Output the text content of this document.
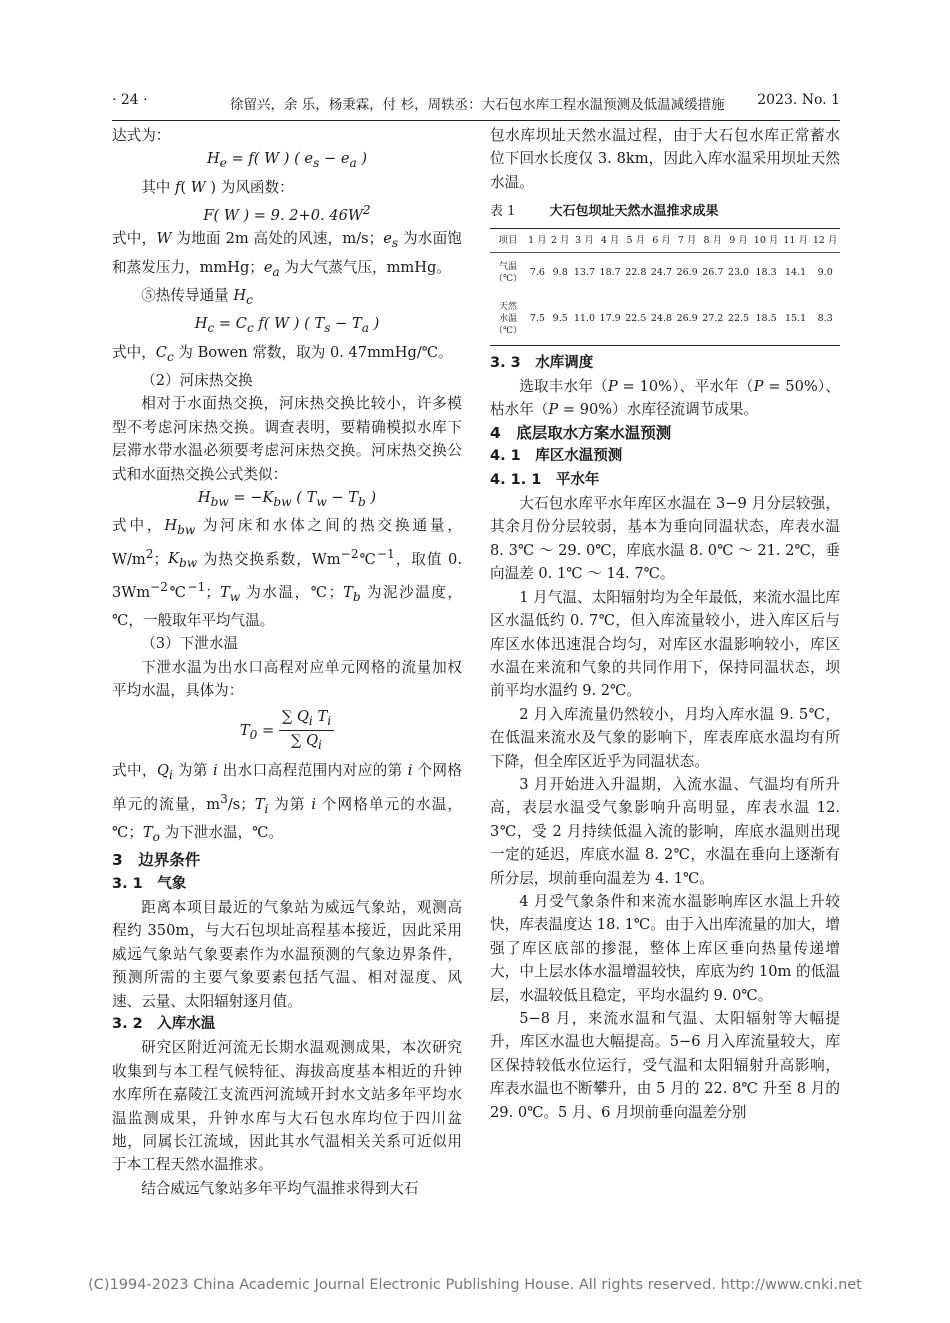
· 24 ·	徐留兴，余 乐，杨秉霖，付 杉，周轶丞：大石包水库工程水温预测及低温减缓措施 2023. No. 1

达式为：

$H_e = f$( W ) ( $e_s - e_a$ )

其中 f( W ) 为风函数：

F( W ) = 9. 2+0. $46W^2$

式中，W 为地面 2m 高处的风速，m/s；$e_s$ 为水面饱和蒸发压力，mmHg；$e_a$ 为大气蒸气压，mmHg。

⑤热传导通量 $H_c$

$H_c = C_c$ f( W ) ( $T_s - T_a$ )

式中，$C_c$ 为 Bowen 常数，取为 0. 47mmHg/℃。

（2）河床热交换

相对于水面热交换，河床热交换比较小，许多模型不考虑河床热交换。调查表明，要精确模拟水库下层滞水带水温必须要考虑河床热交换。河床热交换公式和水面热交换公式类似：

$H_{bw} = -K_{bw}$ ( $T_w - T_b$ )

式中，$H_{bw}$ 为河床和水体之间的热交换通量，$W/m^2$；$K_{bw}$ 为热交换系数，$Wm^{-2}℃^{-1}$，取值 0. $3Wm^{-2}℃^{-1}$；$T_w$ 为水温，℃；$T_b$ 为泥沙温度，℃，一般取年平均气温。

（3）下泄水温

下泄水温为出水口高程对应单元网格的流量加权平均水温，具体为：

$T_0 = \frac{\sum Q_i T_i}{\sum Q_i}$

式中，$Q_i$ 为第 i 出水口高程范围内对应的第 i 个网格单元的流量，$m^3/s$；$T_i$ 为第 i 个网格单元的水温，℃；$T_o$ 为下泄水温，℃。

3　边界条件

3. 1　气象

距离本项目最近的气象站为威远气象站，观测高程约 350m，与大石包坝址高程基本接近，因此采用威远气象站气象要素作为水温预测的气象边界条件，预测所需的主要气象要素包括气温、相对湿度、风速、云量、太阳辐射逐月值。

3. 2　入库水温

研究区附近河流无长期水温观测成果，本次研究收集到与本工程气候特征、海拔高度基本相近的升钟水库所在嘉陵江支流西河流域开封水文站多年平均水温监测成果，升钟水库与大石包水库均位于四川盆地，同属长江流域，因此其水气温相关关系可近似用于本工程天然水温推求。

结合威远气象站多年平均气温推求得到大石

包水库坝址天然水温过程，由于大石包水库正常蓄水位下回水长度仅 3. 8km，因此入库水温采用坝址天然水温。

表 1	大石包坝址天然水温推求成果
项目	1 月	2 月	3 月	4 月	5 月	6 月	7 月	8 月	9 月	10 月	11 月	12 月
气温
（℃）	7.6	9.8	13.7	18.7	22.8	24.7	26.9	26.7	23.0	18.3	14.1	9.0
天然
水温
（℃）	7.5	9.5	11.0	17.9	22.5	24.8	26.9	27.2	22.5	18.5	15.1	8.3

3. 3　水库调度

选取丰水年（P = 10%）、平水年（P = 50%）、枯水年（P = 90%）水库径流调节成果。

4　底层取水方案水温预测

4. 1　库区水温预测

4. 1. 1　平水年

大石包水库平水年库区水温在 3−9 月分层较强，其余月份分层较弱，基本为垂向同温状态，库表水温 8. 3℃ ～ 29. 0℃，库底水温 8. 0℃ ～ 21. 2℃，垂向温差 0. 1℃ ～ 14. 7℃。

1 月气温、太阳辐射均为全年最低，来流水温比库区水温低约 0. 7℃，但入库流量较小，进入库区后与库区水体迅速混合均匀，对库区水温影响较小，库区水温在来流和气象的共同作用下，保持同温状态，坝前平均水温约 9. 2℃。

2 月入库流量仍然较小，月均入库水温 9. 5℃，在低温来流水及气象的影响下，库表库底水温均有所下降，但全库区近乎为同温状态。

3 月开始进入升温期，入流水温、气温均有所升高，表层水温受气象影响升高明显，库表水温 12. 3℃，受 2 月持续低温入流的影响，库底水温则出现一定的延迟，库底水温 8. 2℃，水温在垂向上逐渐有所分层，坝前垂向温差为 4. 1℃。

4 月受气象条件和来流水温影响库区水温上升较快，库表温度达 18. 1℃。由于入出库流量的加大，增强了库区底部的掺混，整体上库区垂向热量传递增大，中上层水体水温增温较快，库底为约 10m 的低温层，水温较低且稳定，平均水温约 9. 0℃。

5−8 月，来流水温和气温、太阳辐射等大幅提升，库区水温也大幅提高。5−6 月入库流量较大，库区保持较低水位运行，受气温和太阳辐射升高影响，库表水温也不断攀升，由 5 月的 22. 8℃ 升至 8 月的 29. 0℃。5 月、6 月坝前垂向温差分别

(C)1994-2023 China Academic Journal Electronic Publishing House. All rights reserved. http://www.cnki.net
